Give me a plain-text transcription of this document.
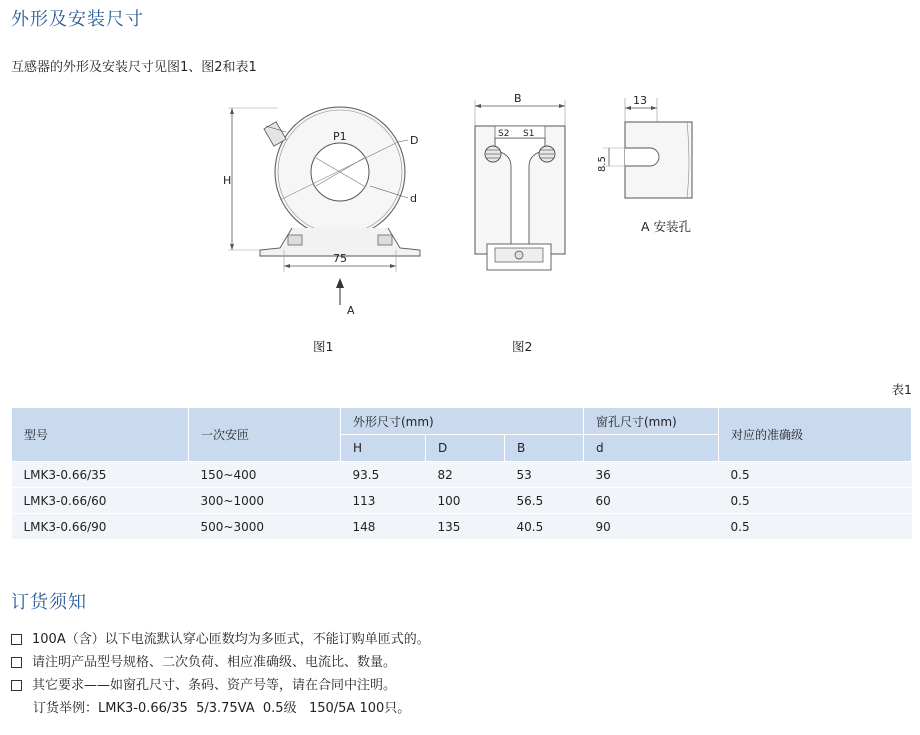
外形及安装尺寸
互感器的外形及安装尺寸见图1、图2和表1
H
P1	D
d
75
A
图1
B
S2 S1
图2
13
8.5
A 安装孔
表1
型号	一次安匝	外形尺寸(mm)			窗孔尺寸(mm)	对应的准确级
		H	D	B	d	
LMK3-0.66/35	150~400	93.5	82	53	36	0.5
LMK3-0.66/60	300~1000	113	100	56.5	60	0.5
LMK3-0.66/90	500~3000	148	135	40.5	90	0.5
订货须知
100A（含）以下电流默认穿心匝数均为多匝式，不能订购单匝式的。
请注明产品型号规格、二次负荷、相应准确级、电流比、数量。
其它要求——如窗孔尺寸、条码、资产号等，请在合同中注明。
订货举例：LMK3-0.66/35  5/3.75VA  0.5级   150/5A 100只。
